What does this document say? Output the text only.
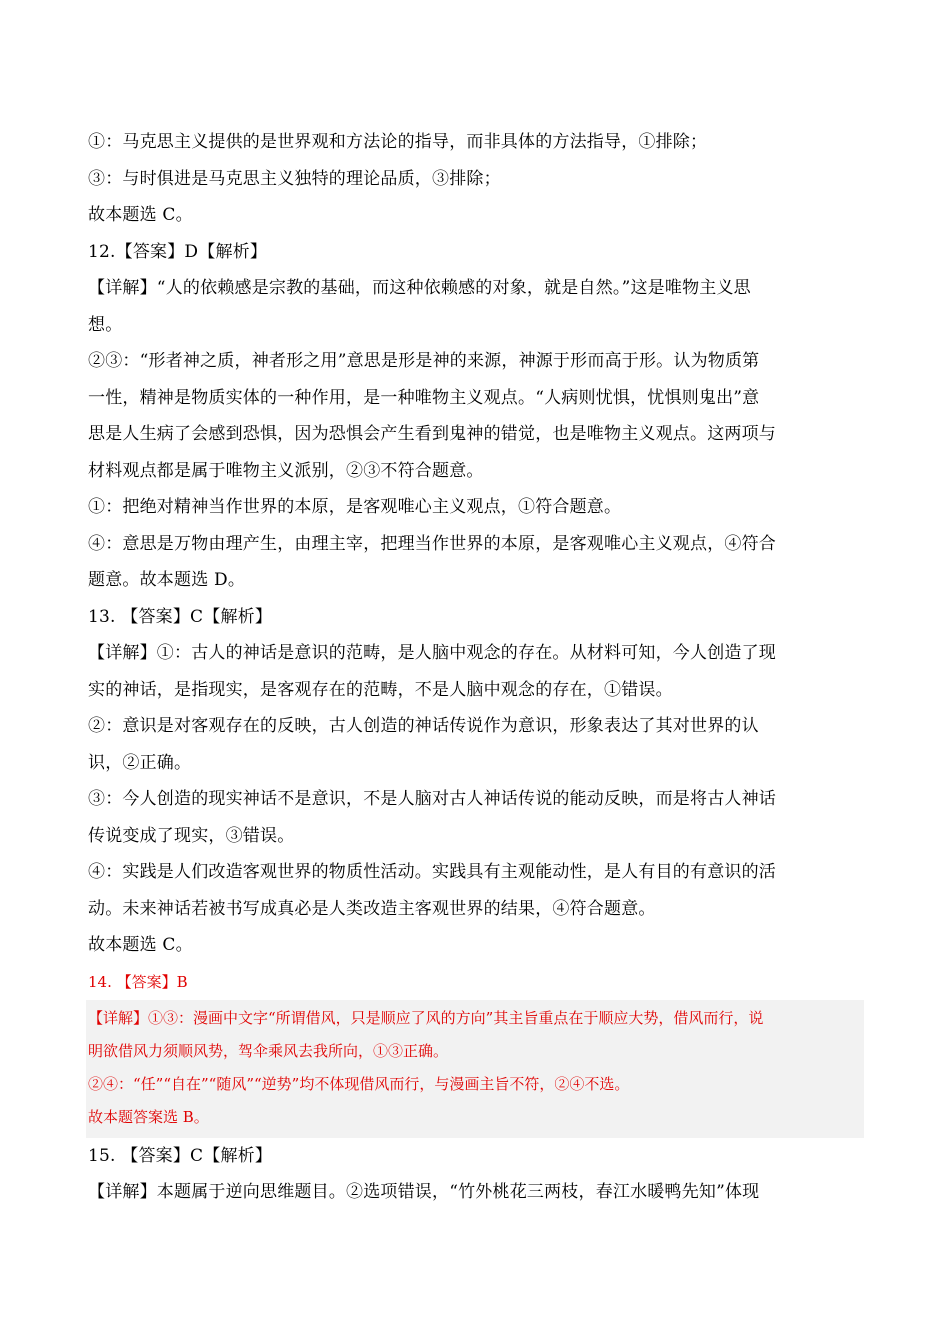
①：马克思主义提供的是世界观和方法论的指导，而非具体的方法指导，①排除；
③：与时俱进是马克思主义独特的理论品质，③排除；
故本题选 C。
12.【答案】D【解析】
【详解】“人的依赖感是宗教的基础，而这种依赖感的对象，就是自然。”这是唯物主义思
想。
②③：“形者神之质，神者形之用”意思是形是神的来源，神源于形而高于形。认为物质第
一性，精神是物质实体的一种作用，是一种唯物主义观点。“人病则忧惧，忧惧则鬼出”意
思是人生病了会感到恐惧，因为恐惧会产生看到鬼神的错觉，也是唯物主义观点。这两项与
材料观点都是属于唯物主义派别，②③不符合题意。
①：把绝对精神当作世界的本原，是客观唯心主义观点，①符合题意。
④：意思是万物由理产生，由理主宰，把理当作世界的本原，是客观唯心主义观点，④符合
题意。故本题选 D。
13. 【答案】C【解析】
【详解】①：古人的神话是意识的范畴，是人脑中观念的存在。从材料可知，今人创造了现
实的神话，是指现实，是客观存在的范畴，不是人脑中观念的存在，①错误。
②：意识是对客观存在的反映，古人创造的神话传说作为意识，形象表达了其对世界的认
识，②正确。
③：今人创造的现实神话不是意识，不是人脑对古人神话传说的能动反映，而是将古人神话
传说变成了现实，③错误。
④：实践是人们改造客观世界的物质性活动。实践具有主观能动性，是人有目的有意识的活
动。未来神话若被书写成真必是人类改造主客观世界的结果，④符合题意。
故本题选 C。
14. 【答案】B
【详解】①③：漫画中文字“所谓借风，只是顺应了风的方向”其主旨重点在于顺应大势，借风而行，说
明欲借风力须顺风势，驾伞乘风去我所向，①③正确。
②④：“任”“自在”“随风”“逆势”均不体现借风而行，与漫画主旨不符，②④不选。
故本题答案选 B。
15. 【答案】C【解析】
【详解】本题属于逆向思维题目。②选项错误，“竹外桃花三两枝，春江水暖鸭先知”体现
